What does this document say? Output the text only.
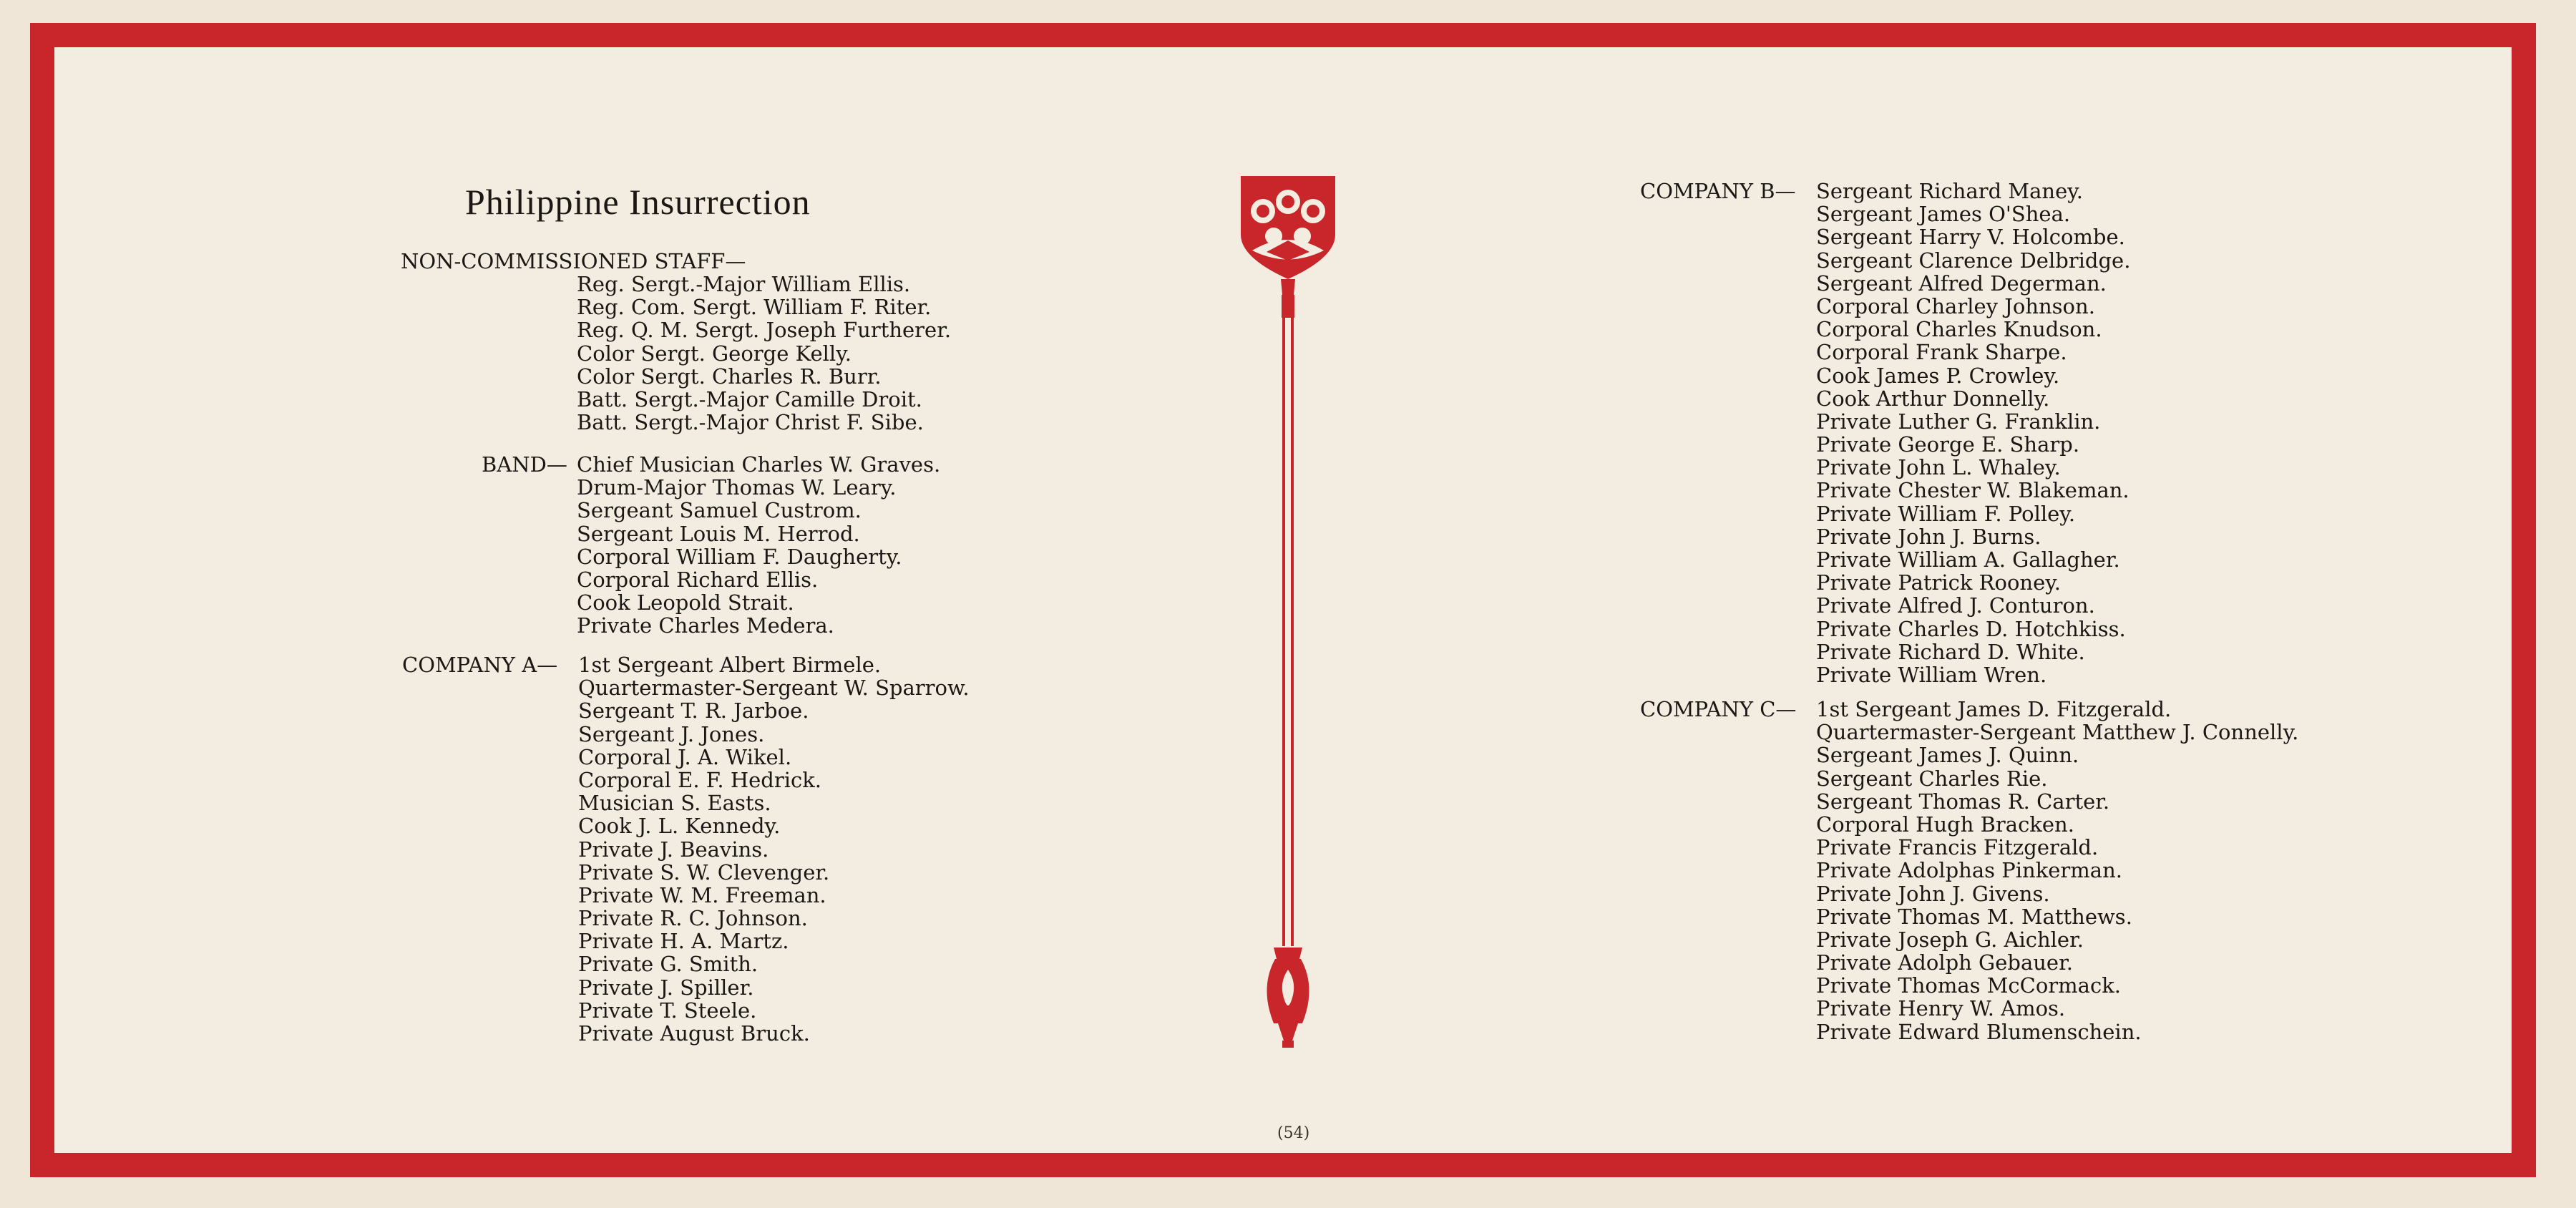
Philippine Insurrection
NON-COMMISSIONED STAFF—
Reg. Sergt.-Major William Ellis.
Reg. Com. Sergt. William F. Riter.
Reg. Q. M. Sergt. Joseph Furtherer.
Color Sergt. George Kelly.
Color Sergt. Charles R. Burr.
Batt. Sergt.-Major Camille Droit.
Batt. Sergt.-Major Christ F. Sibe.
BAND— Chief Musician Charles W. Graves.
Drum-Major Thomas W. Leary.
Sergeant Samuel Custrom.
Sergeant Louis M. Herrod.
Corporal William F. Daugherty.
Corporal Richard Ellis.
Cook Leopold Strait.
Private Charles Medera.
COMPANY A— 1st Sergeant Albert Birmele.
Quartermaster-Sergeant W. Sparrow.
Sergeant T. R. Jarboe.
Sergeant J. Jones.
Corporal J. A. Wikel.
Corporal E. F. Hedrick.
Musician S. Easts.
Cook J. L. Kennedy.
Private J. Beavins.
Private S. W. Clevenger.
Private W. M. Freeman.
Private R. C. Johnson.
Private H. A. Martz.
Private G. Smith.
Private J. Spiller.
Private T. Steele.
Private August Bruck.
COMPANY B— Sergeant Richard Maney.
Sergeant James O'Shea.
Sergeant Harry V. Holcombe.
Sergeant Clarence Delbridge.
Sergeant Alfred Degerman.
Corporal Charley Johnson.
Corporal Charles Knudson.
Corporal Frank Sharpe.
Cook James P. Crowley.
Cook Arthur Donnelly.
Private Luther G. Franklin.
Private George E. Sharp.
Private John L. Whaley.
Private Chester W. Blakeman.
Private William F. Polley.
Private John J. Burns.
Private William A. Gallagher.
Private Patrick Rooney.
Private Alfred J. Conturon.
Private Charles D. Hotchkiss.
Private Richard D. White.
Private William Wren.
COMPANY C— 1st Sergeant James D. Fitzgerald.
Quartermaster-Sergeant Matthew J. Connelly.
Sergeant James J. Quinn.
Sergeant Charles Rie.
Sergeant Thomas R. Carter.
Corporal Hugh Bracken.
Private Francis Fitzgerald.
Private Adolphas Pinkerman.
Private John J. Givens.
Private Thomas M. Matthews.
Private Joseph G. Aichler.
Private Adolph Gebauer.
Private Thomas McCormack.
Private Henry W. Amos.
Private Edward Blumenschein.
(54)
